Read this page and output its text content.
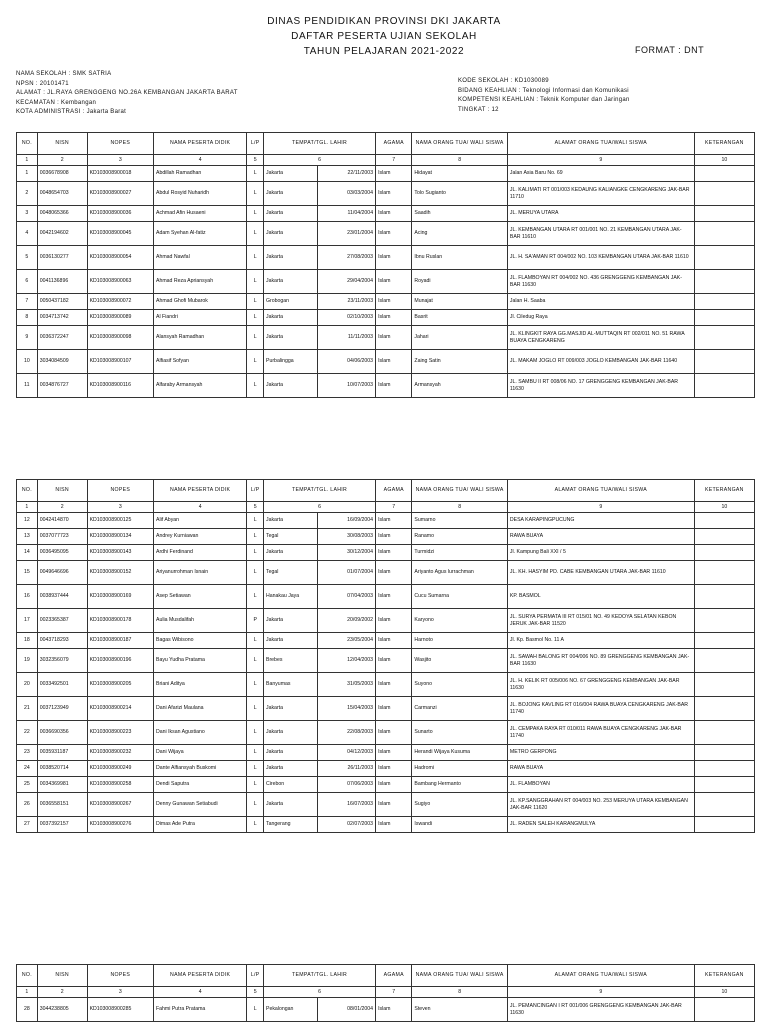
DINAS PENDIDIKAN PROVINSI DKI JAKARTA
DAFTAR PESERTA UJIAN SEKOLAH
TAHUN PELAJARAN 2021-2022	FORMAT : DNT
NAMA SEKOLAH : SMK SATRIA
NPSN : 20101471
ALAMAT : JL.RAYA GRENGGENG NO.26A KEMBANGAN JAKARTA BARAT
KECAMATAN : Kembangan
KOTA ADMINISTRASI : Jakarta Barat
KODE SEKOLAH : KD1030089
BIDANG KEAHLIAN : Teknologi Informasi dan Komunikasi
KOMPETENSI KEAHLIAN : Teknik Komputer dan Jaringan
TINGKAT : 12
NO.	NISN	NOPES	NAMA PESERTA DIDIK	L/P	TEMPAT/TGL. LAHIR		AGAMA	NAMA ORANG TUA/ WALI SISWA	ALAMAT ORANG TUA/WALI SISWA	KETERANGAN
1	2	3	4	5	6		7	8	9	10
1	0036678908	KD103008900018	Abdillah Ramadhan	L	Jakarta	22/11/2003	Islam	Hidayat	Jalan Asia Baru No. 69	
2	0048654703	KD103008900027	Abdul Rosyid Nuharidh	L	Jakarta	03/03/2004	Islam	Tolo Sugianto	JL. KALIMATI RT 001/003 KEDAUNG KALIANGKE CENGKARENG JAK-BAR 11710	
3	0048065366	KD103008900036	Achmad Afin Husaeni	L	Jakarta	11/04/2004	Islam	Saadih	JL. MERUYA UTARA	
4	0042194602	KD103008900045	Adam Syehan Al-fatiz	L	Jakarta	23/01/2004	Islam	Acing	JL. KEMBANGAN UTARA RT 001/001 NO. 21 KEMBANGAN UTARA JAK-BAR 11610	
5	0036130277	KD103008900054	Ahmad Nawfal	L	Jakarta	27/08/2003	Islam	Ibnu Ruslan	JL. H. SA'AMAN RT 004/002 NO. 103 KEMBANGAN UTARA JAK-BAR 11610	
6	0041136896	KD103008900063	Ahmad Reza Apriansyah	L	Jakarta	29/04/2004	Islam	Royadi	JL. FLAMBOYAN RT 004/002 NO. 436 GRENGGENG KEMBANGAN JAK-BAR 11630	
7	0050437182	KD103008900072	Ahmad Ghofi Mubarok	L	Grobogan	23/11/2003	Islam	Munajat	Jalan H. Saaba	
8	0034713742	KD103008900089	Al Fiandri	L	Jakarta	02/10/2003	Islam	Basrit	Jl. Ciledug Raya	
9	0036372247	KD103008900098	Alansyah Ramadhan	L	Jakarta	11/11/2003	Islam	Jahari	JL. KLINGKIT RAYA GG.MASJID AL-MUTTAQIN RT 002/011 NO. 51 RAWA BUAYA CENGKARENG	
10	3034084509	KD103008900107	Alfiasif Sofyan	L	Purbalingga	04/06/2003	Islam	Zaing Satin	JL. MAKAM JOGLO RT 009/003 JOGLO KEMBANGAN JAK-BAR 11640	
11	0034876727	KD103008900116	Alfaraby Armansyah	L	Jakarta	10/07/2003	Islam	Armansyah	JL. SAMBU II RT 008/06 NO. 17 GRENGGENG KEMBANGAN JAK-BAR 11630	
NO.	NISN	NOPES	NAMA PESERTA DIDIK	L/P	TEMPAT/TGL. LAHIR		AGAMA	NAMA ORANG TUA/ WALI SISWA	ALAMAT ORANG TUA/WALI SISWA	KETERANGAN
1	2	3	4	5	6		7	8	9	10
12	0042414870	KD103008900125	Alif Abyan	L	Jakarta	16/09/2004	Islam	Sumarno	DESA KARAPINGPUCUNG	
13	0037077723	KD103008900134	Andrey Kurniawan	L	Tegal	30/08/2003	Islam	Ranamo	RAWA BUAYA	
14	0036495095	KD103008900143	Ardhi Ferdinand	L	Jakarta	30/12/2004	Islam	Turmidzi	Jl. Kampung Bali XXI / 5	
15	0049646696	KD103008900152	Ariyanurrohman Isnain	L	Tegal	01/07/2004	Islam	Ariyanto Agus lurrachman	JL. KH. HASYIM PD. CABE KEMBANGAN UTARA JAK-BAR 11610	
16	0038937444	KD103008900169	Asep Setiawan	L	Hanakau Jaya	07/04/2003	Islam	Cucu Sumarna	KP. BASMOL	
17	0023365387	KD103008900178	Aulia Musdalifah	P	Jakarta	20/09/2002	Islam	Karyono	JL. SURYA PERMATA III RT 015/01 NO. 49 KEDOYA SELATAN KEBON JERUK JAK-BAR 11520	
18	0043718293	KD103008900187	Bagas Wibisono	L	Jakarta	23/05/2004	Islam	Harnoto	Jl. Kp. Basmol No. 11 A	
19	3032356079	KD103008900196	Bayu Yudha Pratama	L	Brebes	12/04/2003	Islam	Wasjito	JL. SAWAH BALONG RT 004/006 NO. 89 GRENGGENG KEMBANGAN JAK-BAR 11630	
20	0033492501	KD103008900205	Briani Aditya	L	Banyumas	31/05/2003	Islam	Suyono	JL. H. KELIK RT 005/006 NO. 67 GRENGGENG KEMBANGAN JAK-BAR 11630	
21	0037123949	KD103008900214	Dani Afarizi Maulana	L	Jakarta	15/04/2003	Islam	Carmanzi	JL. BOJONG KAVLING RT 016/004 RAWA BUAYA CENGKARENG JAK-BAR 11740	
22	0036690356	KD103008900223	Dani Iksan Agustiano	L	Jakarta	22/08/2003	Islam	Sunarto	JL. CEMPAKA RAYA RT 010/011 RAWA BUAYA CENGKARENG JAK-BAR 11740	
23	0035931187	KD103008900232	Dani Wijaya	L	Jakarta	04/12/2003	Islam	Herandi Wijaya Kusuma	METRO GERPONG	
24	0038520714	KD103008900249	Dante Alfiansyah Buskomi	L	Jakarta	26/11/2003	Islam	Hadromi	RAWA BUAYA	
25	0034369981	KD103008900258	Dendi Saputra	L	Cirebon	07/06/2003	Islam	Bambang Hermanto	JL. FLAMBOYAN	
26	0036558151	KD103008900267	Denny Gunawan Setiabudi	L	Jakarta	16/07/2003	Islam	Sugiyo	JL. KP.SANGGRAHAN RT 004/003 NO. 253 MERUYA UTARA KEMBANGAN JAK-BAR 11620	
27	0037392157	KD103008900276	Dimas Ade Putra	L	Tangerang	02/07/2003	Islam	Iswandi	JL. RADEN SALEH KARANGMULYA	
NO.	NISN	NOPES	NAMA PESERTA DIDIK	L/P	TEMPAT/TGL. LAHIR		AGAMA	NAMA ORANG TUA/ WALI SISWA	ALAMAT ORANG TUA/WALI SISWA	KETERANGAN
1	2	3	4	5	6		7	8	9	10
28	3044238805	KD103008900285	Fahmi Putra Pratama	L	Pekalongan	08/01/2004	Islam	Steven	JL. PEMANCINGAN I RT 001/006 GRENGGENG KEMBANGAN JAK-BAR 11630	
